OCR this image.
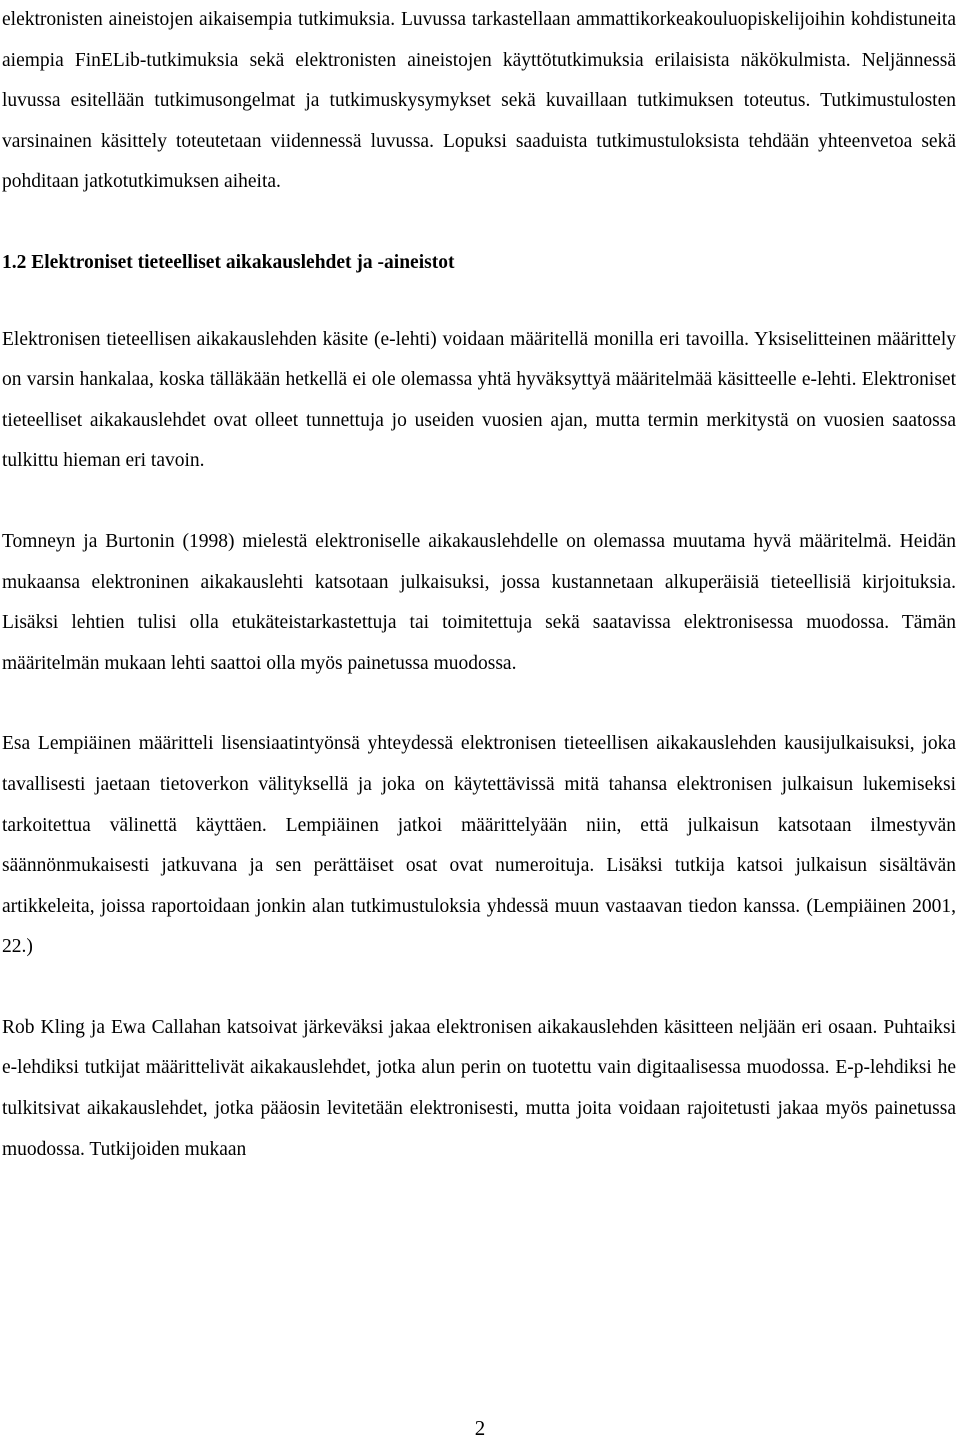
elektronisten aineistojen aikaisempia tutkimuksia. Luvussa tarkastellaan ammattikorkeakouluopiskelijoihin kohdistuneita aiempia FinELib-tutkimuksia sekä elektronisten aineistojen käyttötutkimuksia erilaisista näkökulmista. Neljännessä luvussa esitellään tutkimusongelmat ja tutkimuskysymykset sekä kuvaillaan tutkimuksen toteutus. Tutkimustulosten varsinainen käsittely toteutetaan viidennessä luvussa. Lopuksi saaduista tutkimustuloksista tehdään yhteenvetoa sekä pohditaan jatkotutkimuksen aiheita.

1.2 Elektroniset tieteelliset aikakauslehdet ja -aineistot

Elektronisen tieteellisen aikakauslehden käsite (e-lehti) voidaan määritellä monilla eri tavoilla. Yksiselitteinen määrittely on varsin hankalaa, koska tälläkään hetkellä ei ole olemassa yhtä hyväksyttyä määritelmää käsitteelle e-lehti. Elektroniset tieteelliset aikakauslehdet ovat olleet tunnettuja jo useiden vuosien ajan, mutta termin merkitystä on vuosien saatossa tulkittu hieman eri tavoin.

Tomneyn ja Burtonin (1998) mielestä elektroniselle aikakauslehdelle on olemassa muutama hyvä määritelmä. Heidän mukaansa elektroninen aikakauslehti katsotaan julkaisuksi, jossa kustannetaan alkuperäisiä tieteellisiä kirjoituksia. Lisäksi lehtien tulisi olla etukäteistarkastettuja tai toimitettuja sekä saatavissa elektronisessa muodossa. Tämän määritelmän mukaan lehti saattoi olla myös painetussa muodossa.

Esa Lempiäinen määritteli lisensiaatintyönsä yhteydessä elektronisen tieteellisen aikakauslehden kausijulkaisuksi, joka tavallisesti jaetaan tietoverkon välityksellä ja joka on käytettävissä mitä tahansa elektronisen julkaisun lukemiseksi tarkoitettua välinettä käyttäen. Lempiäinen jatkoi määrittelyään niin, että julkaisun katsotaan ilmestyvän säännönmukaisesti jatkuvana ja sen perättäiset osat ovat numeroituja. Lisäksi tutkija katsoi julkaisun sisältävän artikkeleita, joissa raportoidaan jonkin alan tutkimustuloksia yhdessä muun vastaavan tiedon kanssa. (Lempiäinen 2001, 22.)

Rob Kling ja Ewa Callahan katsoivat järkeväksi jakaa elektronisen aikakauslehden käsitteen neljään eri osaan. Puhtaiksi e-lehdiksi tutkijat määrittelivät aikakauslehdet, jotka alun perin on tuotettu vain digitaalisessa muodossa. E-p-lehdiksi he tulkitsivat aikakauslehdet, jotka pääosin levitetään elektronisesti, mutta joita voidaan rajoitetusti jakaa myös painetussa muodossa. Tutkijoiden mukaan

2
